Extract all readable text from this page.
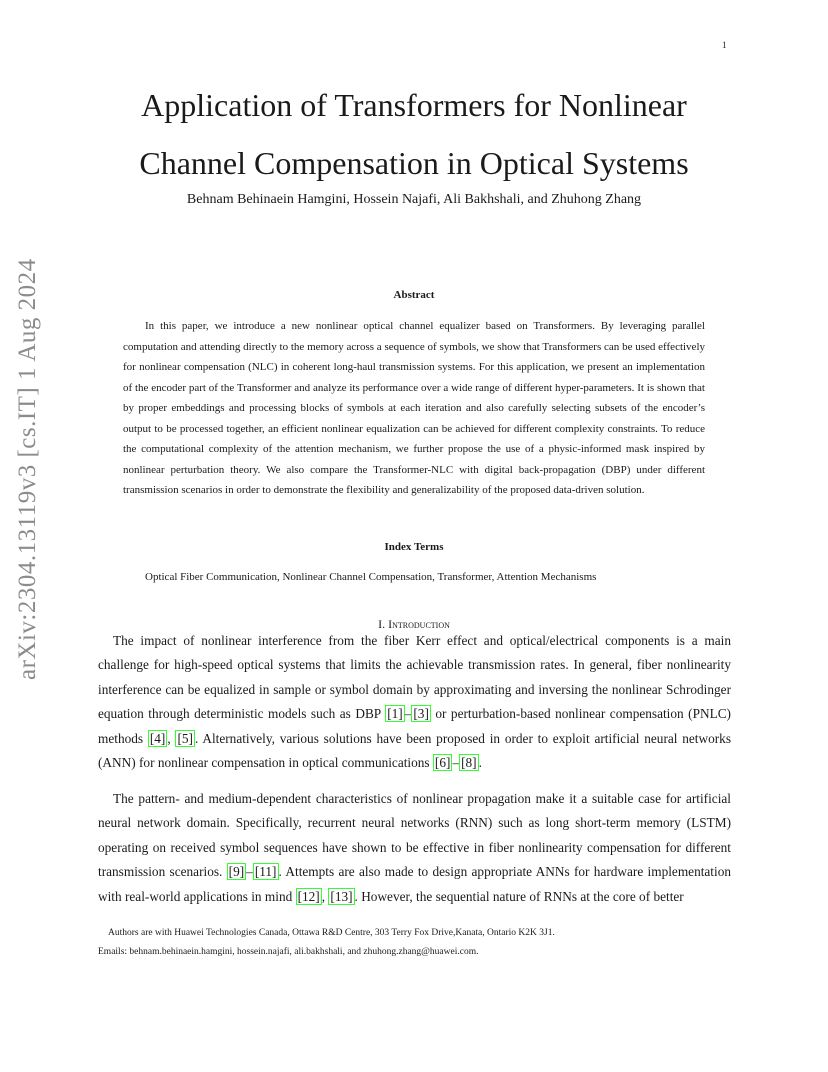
1
arXiv:2304.13119v3 [cs.IT] 1 Aug 2024
Application of Transformers for Nonlinear Channel Compensation in Optical Systems
Behnam Behinaein Hamgini, Hossein Najafi, Ali Bakhshali, and Zhuhong Zhang
Abstract

In this paper, we introduce a new nonlinear optical channel equalizer based on Transformers. By leveraging parallel computation and attending directly to the memory across a sequence of symbols, we show that Transformers can be used effectively for nonlinear compensation (NLC) in coherent long-haul transmission systems. For this application, we present an implementation of the encoder part of the Transformer and analyze its performance over a wide range of different hyper-parameters. It is shown that by proper embeddings and processing blocks of symbols at each iteration and also carefully selecting subsets of the encoder’s output to be processed together, an efficient nonlinear equalization can be achieved for different complexity constraints. To reduce the computational complexity of the attention mechanism, we further propose the use of a physic-informed mask inspired by nonlinear perturbation theory. We also compare the Transformer-NLC with digital back-propagation (DBP) under different transmission scenarios in order to demonstrate the flexibility and generalizability of the proposed data-driven solution.

Index Terms
Optical Fiber Communication, Nonlinear Channel Compensation, Transformer, Attention Mechanisms
I. Introduction

The impact of nonlinear interference from the fiber Kerr effect and optical/electrical components is a main challenge for high-speed optical systems that limits the achievable transmission rates. In general, fiber nonlinearity interference can be equalized in sample or symbol domain by approximating and inversing the nonlinear Schrodinger equation through deterministic models such as DBP [1] – [3] or perturbation-based nonlinear compensation (PNLC) methods [4] , [5] . Alternatively, various solutions have been proposed in order to exploit artificial neural networks (ANN) for nonlinear compensation in optical communications [6] – [8] .

The pattern- and medium-dependent characteristics of nonlinear propagation make it a suitable case for artificial neural network domain. Specifically, recurrent neural networks (RNN) such as long short-term memory (LSTM) operating on received symbol sequences have shown to be effective in fiber nonlinearity compensation for different transmission scenarios. [9] – [11] . Attempts are also made to design appropriate ANNs for hardware implementation with real-world applications in mind [12] , [13] . However, the sequential nature of RNNs at the core of better

Authors are with Huawei Technologies Canada, Ottawa R&D Centre, 303 Terry Fox Drive,Kanata, Ontario K2K 3J1.
Emails: behnam.behinaein.hamgini, hossein.najafi, ali.bakhshali, and zhuhong.zhang@huawei.com.
